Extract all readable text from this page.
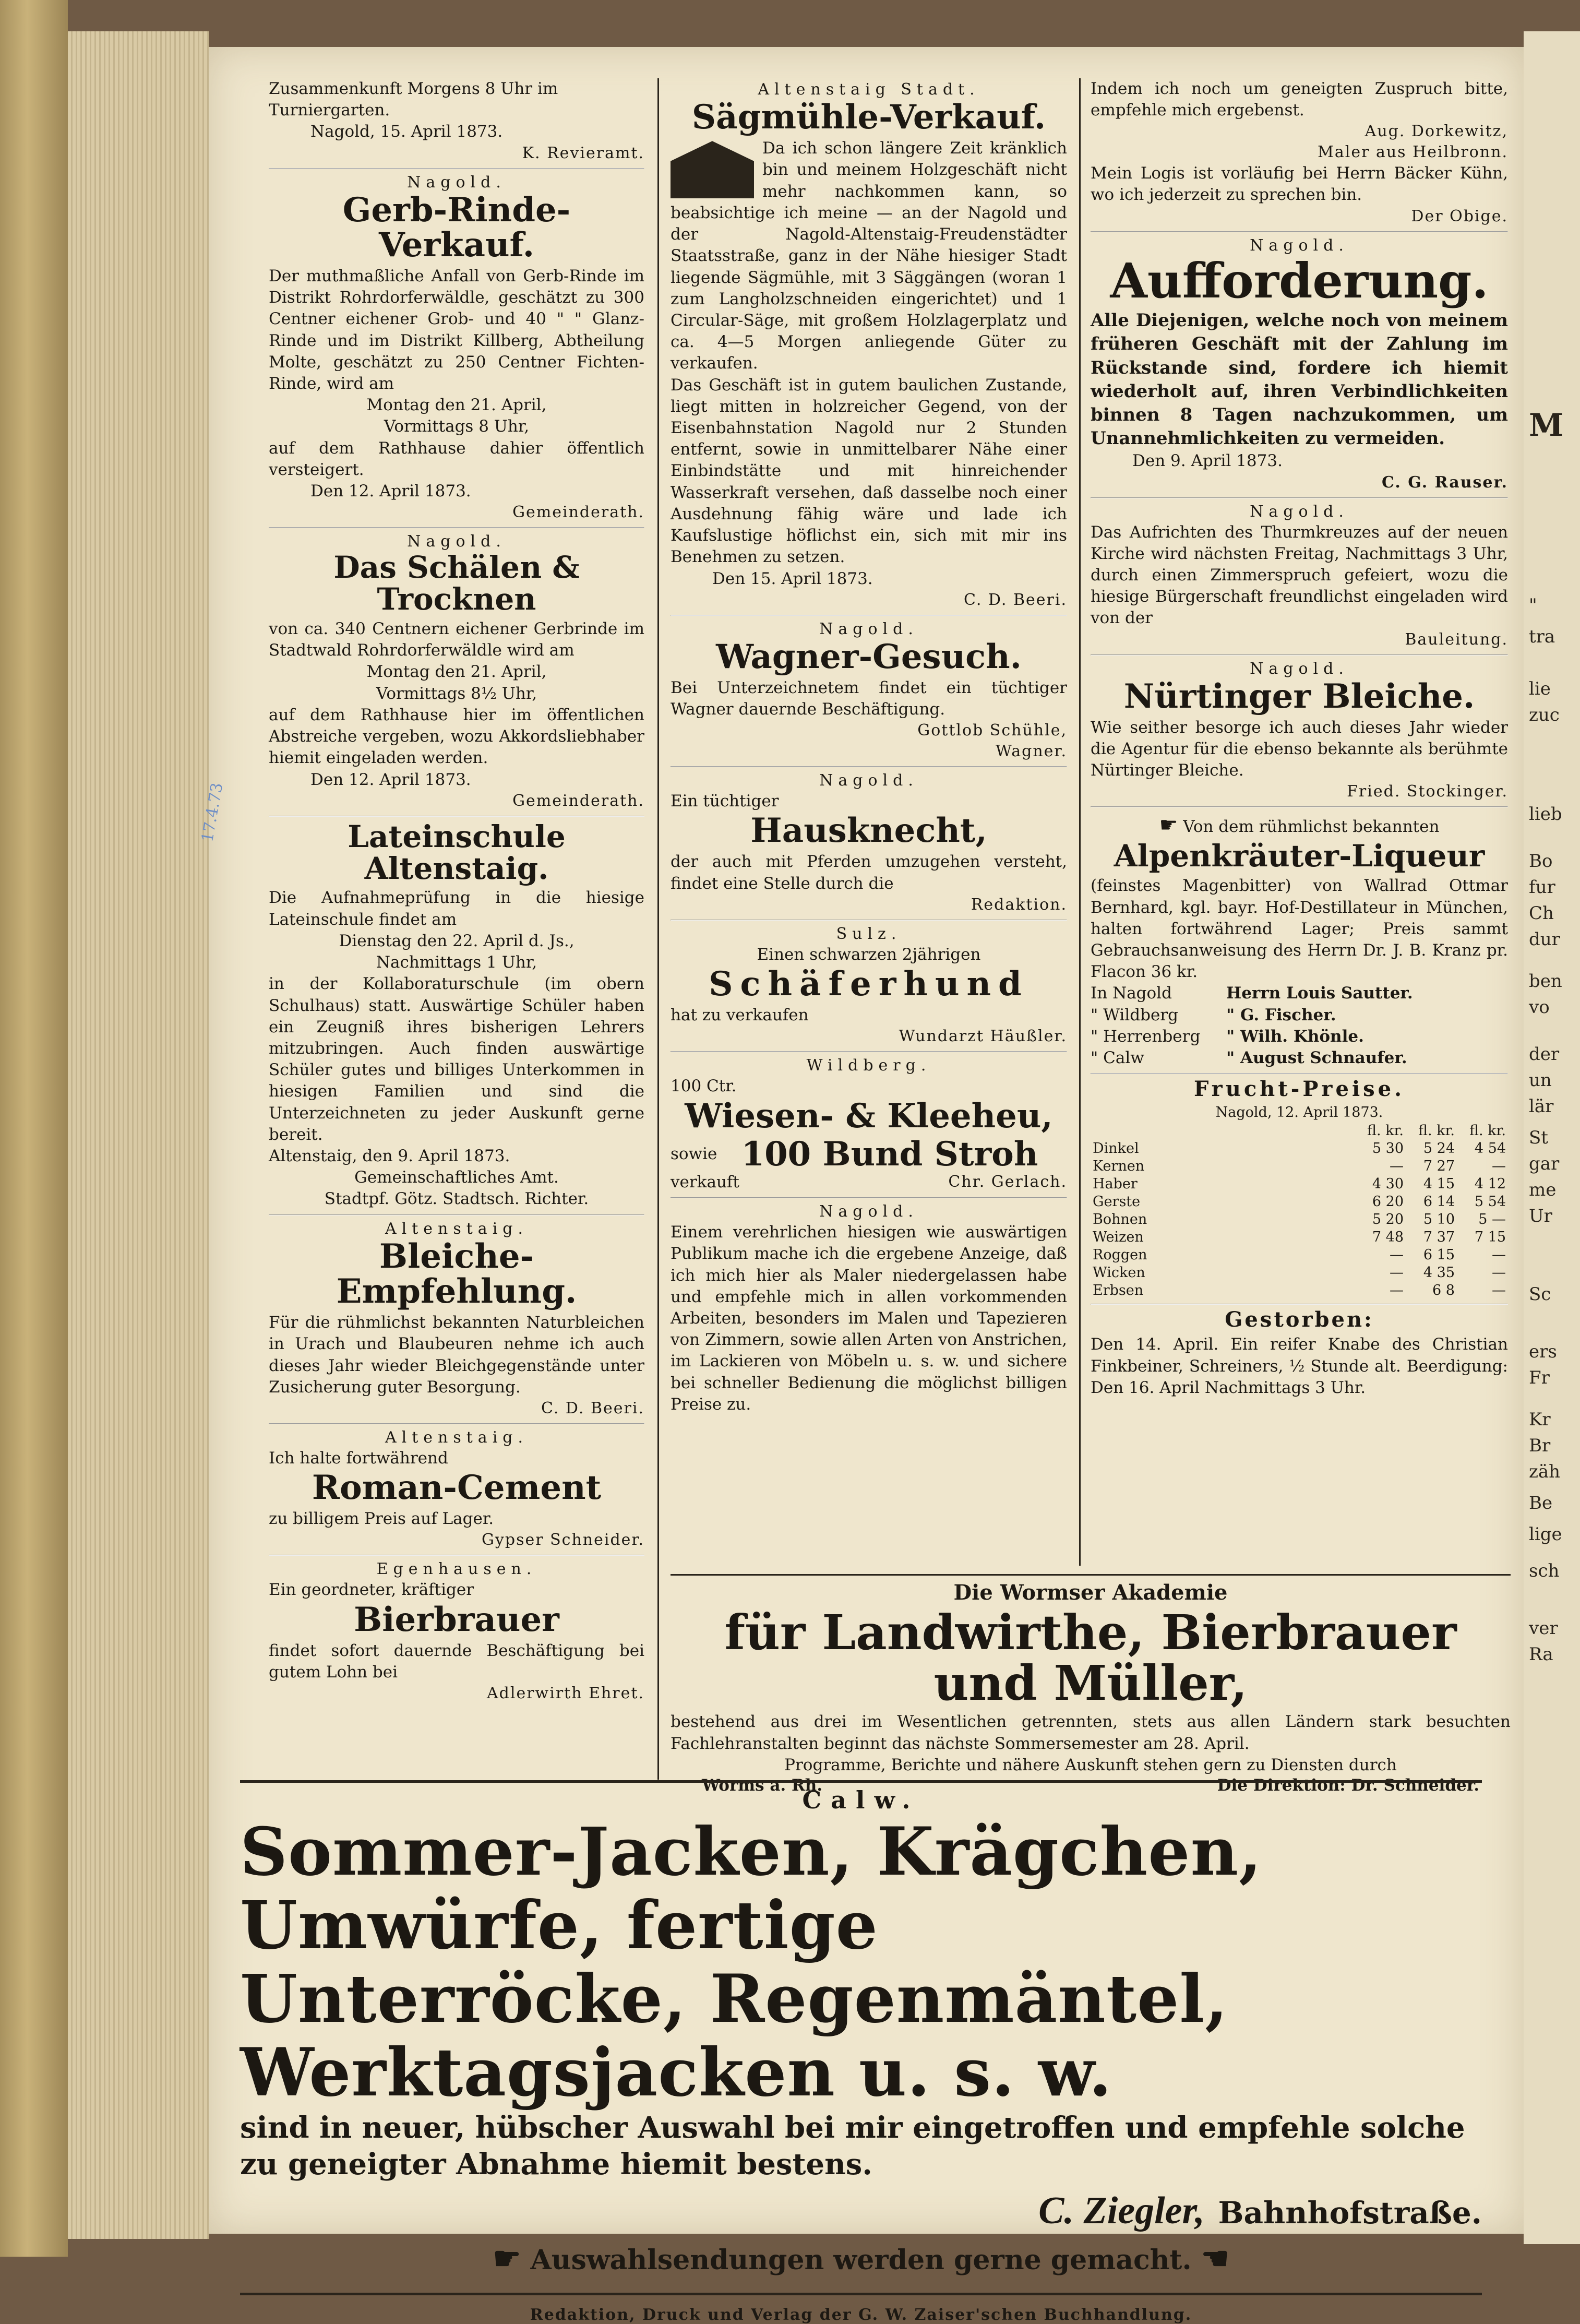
17.4.73
Zusammenkunft Morgens 8 Uhr im
Turniergarten.
Nagold, 15. April 1873.
K. Revieramt.
Nagold.
Gerb-Rinde-Verkauf.
Der muthmaßliche Anfall von Gerb-Rinde im Distrikt Rohrdorferwäldle, geschätzt zu 300 Centner eichener Grob- und 40 " " Glanz-Rinde und im Distrikt Killberg, Abtheilung Molte, geschätzt zu 250 Centner Fichten-Rinde, wird am
Montag den 21. April,
Vormittags 8 Uhr,
auf dem Rathhause dahier öffentlich versteigert.
Den 12. April 1873.
Gemeinderath.
Nagold.
Das Schälen & Trocknen
von ca. 340 Centnern eichener Gerbrinde im Stadtwald Rohrdorferwäldle wird am
Montag den 21. April,
Vormittags 8½ Uhr,
auf dem Rathhause hier im öffentlichen Abstreiche vergeben, wozu Akkordsliebhaber hiemit eingeladen werden.
Den 12. April 1873.
Gemeinderath.
Lateinschule Altenstaig.
Die Aufnahmeprüfung in die hiesige Lateinschule findet am
Dienstag den 22. April d. Js.,
Nachmittags 1 Uhr,
in der Kollaboraturschule (im obern Schulhaus) statt. Auswärtige Schüler haben ein Zeugniß ihres bisherigen Lehrers mitzubringen. Auch finden auswärtige Schüler gutes und billiges Unterkommen in hiesigen Familien und sind die Unterzeichneten zu jeder Auskunft gerne bereit.
Altenstaig, den 9. April 1873.
Gemeinschaftliches Amt.
Stadtpf. Götz. Stadtsch. Richter.
Altenstaig.
Bleiche-Empfehlung.
Für die rühmlichst bekannten Naturbleichen in Urach und Blaubeuren nehme ich auch dieses Jahr wieder Bleichgegenstände unter Zusicherung guter Besorgung.
C. D. Beeri.
Altenstaig.
Ich halte fortwährend
Roman-Cement
zu billigem Preis auf Lager.
Gypser Schneider.
Egenhausen.
Ein geordneter, kräftiger
Bierbrauer
findet sofort dauernde Beschäftigung bei gutem Lohn bei
Adlerwirth Ehret.
Altenstaig Stadt.
Sägmühle-Verkauf.
Da ich schon längere Zeit kränklich bin und meinem Holzgeschäft nicht mehr nachkommen kann, so beabsichtige ich meine — an der Nagold und der Nagold-Altenstaig-Freudenstädter Staatsstraße, ganz in der Nähe hiesiger Stadt liegende Sägmühle, mit 3 Säggängen (woran 1 zum Langholzschneiden eingerichtet) und 1 Circular-Säge, mit großem Holzlagerplatz und ca. 4—5 Morgen anliegende Güter zu verkaufen.
Das Geschäft ist in gutem baulichen Zustande, liegt mitten in holzreicher Gegend, von der Eisenbahnstation Nagold nur 2 Stunden entfernt, sowie in unmittelbarer Nähe einer Einbindstätte und mit hinreichender Wasserkraft versehen, daß dasselbe noch einer Ausdehnung fähig wäre und lade ich Kaufslustige höflichst ein, sich mit mir ins Benehmen zu setzen.
Den 15. April 1873.
C. D. Beeri.
Nagold.
Wagner-Gesuch.
Bei Unterzeichnetem findet ein tüchtiger Wagner dauernde Beschäftigung.
Gottlob Schühle,
Wagner.
Nagold.
Ein tüchtiger
Hausknecht,
der auch mit Pferden umzugehen versteht, findet eine Stelle durch die
Redaktion.
Sulz.
Einen schwarzen 2jährigen
Schäferhund
hat zu verkaufen
Wundarzt Häußler.
Wildberg.
100 Ctr.
Wiesen- & Kleeheu,
sowie 100 Bund Stroh
verkauft	Chr. Gerlach.
Nagold.
Einem verehrlichen hiesigen wie auswärtigen Publikum mache ich die ergebene Anzeige, daß ich mich hier als Maler niedergelassen habe und empfehle mich in allen vorkommenden Arbeiten, besonders im Malen und Tapezieren von Zimmern, sowie allen Arten von Anstrichen, im Lackieren von Möbeln u. s. w. und sichere bei schneller Bedienung die möglichst billigen Preise zu.
Indem ich noch um geneigten Zuspruch bitte, empfehle mich ergebenst.
Aug. Dorkewitz,
Maler aus Heilbronn.
Mein Logis ist vorläufig bei Herrn Bäcker Kühn, wo ich jederzeit zu sprechen bin.
Der Obige.
Nagold.
Aufforderung.
Alle Diejenigen, welche noch von meinem früheren Geschäft mit der Zahlung im Rückstande sind, fordere ich hiemit wiederholt auf, ihren Verbindlichkeiten binnen 8 Tagen nachzukommen, um Unannehmlichkeiten zu vermeiden.
Den 9. April 1873.
C. G. Rauser.
Nagold.
Das Aufrichten des Thurmkreuzes auf der neuen Kirche wird nächsten Freitag, Nachmittags 3 Uhr, durch einen Zimmerspruch gefeiert, wozu die hiesige Bürgerschaft freundlichst eingeladen wird von der
Bauleitung.
Nagold.
Nürtinger Bleiche.
Wie seither besorge ich auch dieses Jahr wieder die Agentur für die ebenso bekannte als berühmte Nürtinger Bleiche.
Fried. Stockinger.
☛ Von dem rühmlichst bekannten
Alpenkräuter-Liqueur
(feinstes Magenbitter) von Wallrad Ottmar Bernhard, kgl. bayr. Hof-Destillateur in München, halten fortwährend Lager; Preis sammt Gebrauchsanweisung des Herrn Dr. J. B. Kranz pr. Flacon 36 kr.
In Nagold	Herrn Louis Sautter.
" Wildberg	" G. Fischer.
" Herrenberg	" Wilh. Khönle.
" Calw	" August Schnaufer.
Frucht-Preise.
Nagold, 12. April 1873.
	fl. kr.	fl. kr.	fl. kr.
Dinkel	5 30	5 24	4 54
Kernen	—	7 27	—
Haber	4 30	4 15	4 12
Gerste	6 20	6 14	5 54
Bohnen	5 20	5 10	5 —
Weizen	7 48	7 37	7 15
Roggen	—	6 15	—
Wicken	—	4 35	—
Erbsen	—	6 8	—
Gestorben:
Den 14. April. Ein reifer Knabe des Christian Finkbeiner, Schreiners, ½ Stunde alt. Beerdigung: Den 16. April Nachmittags 3 Uhr.
Die Wormser Akademie
für Landwirthe, Bierbrauer und Müller,
bestehend aus drei im Wesentlichen getrennten, stets aus allen Ländern stark besuchten Fachlehranstalten beginnt das nächste Sommersemester am 28. April.
Programme, Berichte und nähere Auskunft stehen gern zu Diensten durch
Worms a. Rh.	Die Direktion: Dr. Schneider.
Calw.
Sommer-Jacken, Krägchen, Umwürfe, fertige
Unterröcke, Regenmäntel, Werktagsjacken u. s. w.
sind in neuer, hübscher Auswahl bei mir eingetroffen und empfehle solche zu geneigter Abnahme hiemit bestens.
C. Ziegler, Bahnhofstraße.
☛ Auswahlsendungen werden gerne gemacht. ☛
Redaktion, Druck und Verlag der G. W. Zaiser'schen Buchhandlung.
M
"
tra
lie
zuc
lieb
Bo
fur
Ch
dur
ben
vo
der
un
lär
St
gar
me
Ur
Sc
ers
Fr
Kr
Br
zäh
Be
lige
sch
ver
Ra
